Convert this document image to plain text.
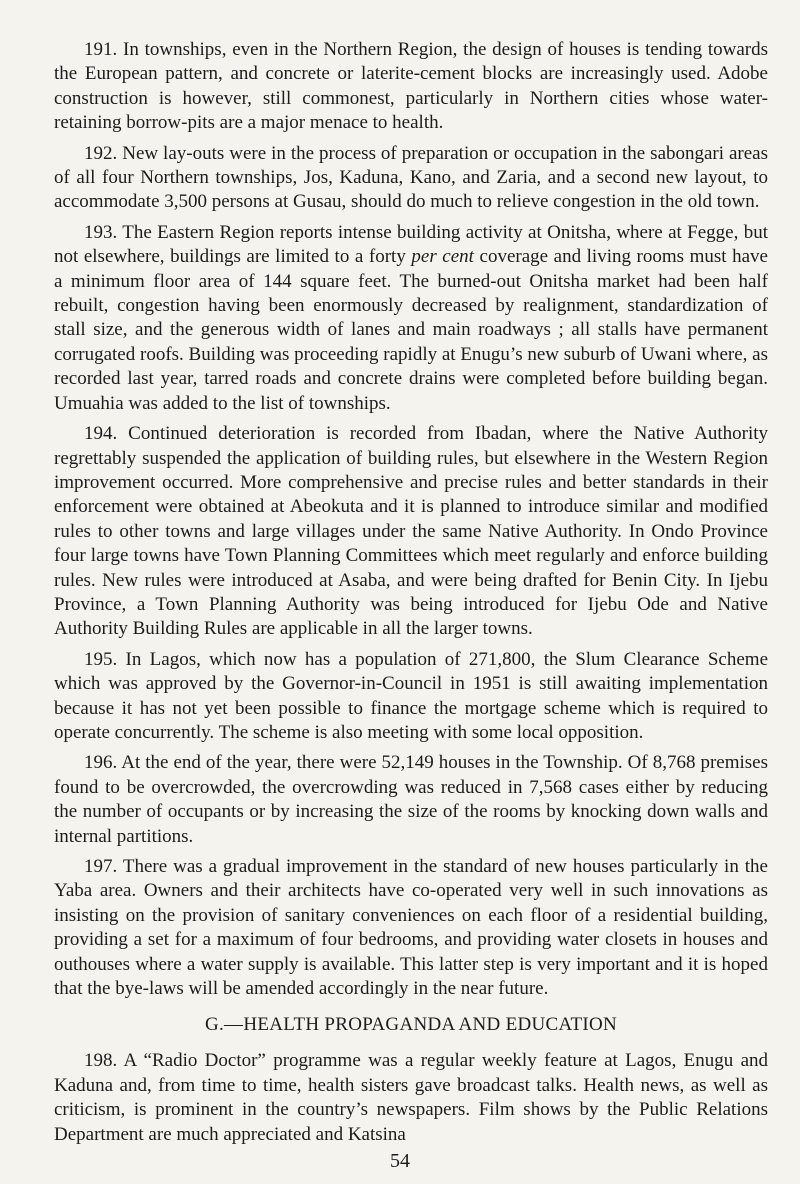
191. In townships, even in the Northern Region, the design of houses is tending towards the European pattern, and concrete or laterite-cement blocks are increasingly used. Adobe construction is however, still commonest, particularly in Northern cities whose water-retaining borrow-pits are a major menace to health.

192. New lay-outs were in the process of preparation or occupation in the sabongari areas of all four Northern townships, Jos, Kaduna, Kano, and Zaria, and a second new layout, to accommodate 3,500 persons at Gusau, should do much to relieve congestion in the old town.

193. The Eastern Region reports intense building activity at Onitsha, where at Fegge, but not elsewhere, buildings are limited to a forty per cent coverage and living rooms must have a minimum floor area of 144 square feet. The burned-out Onitsha market had been half rebuilt, congestion having been enormously decreased by realignment, standardization of stall size, and the generous width of lanes and main roadways ; all stalls have permanent corrugated roofs. Building was proceeding rapidly at Enugu’s new suburb of Uwani where, as recorded last year, tarred roads and concrete drains were completed before building began. Umuahia was added to the list of townships.

194. Continued deterioration is recorded from Ibadan, where the Native Authority regrettably suspended the application of building rules, but elsewhere in the Western Region improvement occurred. More comprehensive and precise rules and better standards in their enforcement were obtained at Abeokuta and it is planned to introduce similar and modified rules to other towns and large villages under the same Native Authority. In Ondo Province four large towns have Town Planning Committees which meet regularly and enforce building rules. New rules were introduced at Asaba, and were being drafted for Benin City. In Ijebu Province, a Town Planning Authority was being introduced for Ijebu Ode and Native Authority Building Rules are applicable in all the larger towns.

195. In Lagos, which now has a population of 271,800, the Slum Clearance Scheme which was approved by the Governor-in-Council in 1951 is still awaiting implementation because it has not yet been possible to finance the mortgage scheme which is required to operate concurrently. The scheme is also meeting with some local opposition.

196. At the end of the year, there were 52,149 houses in the Township. Of 8,768 premises found to be overcrowded, the overcrowding was reduced in 7,568 cases either by reducing the number of occupants or by increasing the size of the rooms by knocking down walls and internal partitions.

197. There was a gradual improvement in the standard of new houses particularly in the Yaba area. Owners and their architects have co-operated very well in such innovations as insisting on the provision of sanitary conveniences on each floor of a residential building, providing a set for a maximum of four bedrooms, and providing water closets in houses and outhouses where a water supply is available. This latter step is very important and it is hoped that the bye-laws will be amended accordingly in the near future.

G.—HEALTH PROPAGANDA AND EDUCATION

198. A “Radio Doctor” programme was a regular weekly feature at Lagos, Enugu and Kaduna and, from time to time, health sisters gave broadcast talks. Health news, as well as criticism, is prominent in the country’s newspapers. Film shows by the Public Relations Department are much appreciated and Katsina

54
